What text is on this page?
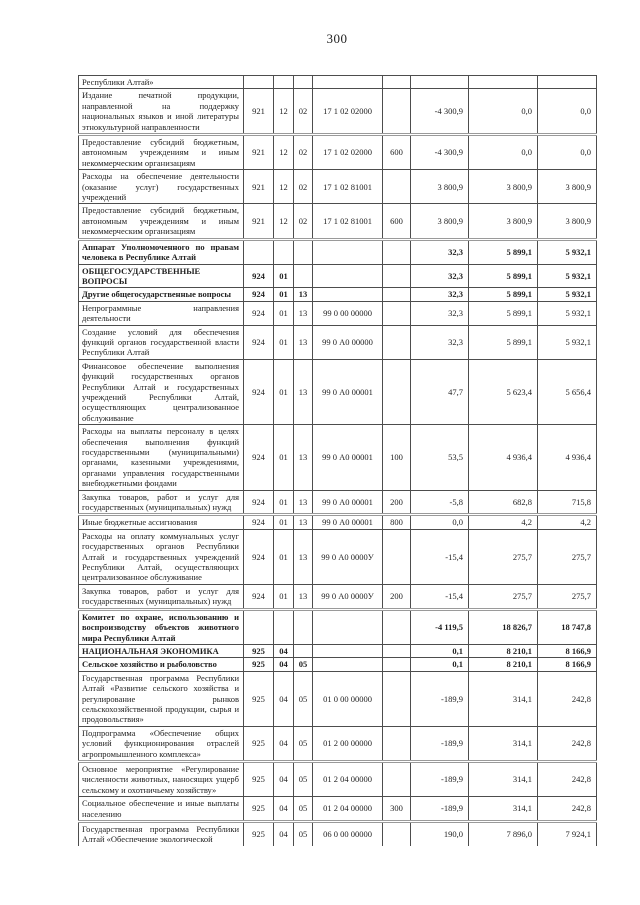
300
Республики Алтай»								
Издание печатной продукции, направленной на поддержку национальных языков и иной литературы этнокультурной направленности	921	12	02	17 1 02 02000		-4 300,9	0,0	0,0
Предоставление субсидий бюджетным, автономным учреждениям и иным некоммерческим организациям	921	12	02	17 1 02 02000	600	-4 300,9	0,0	0,0
Расходы на обеспечение деятельности (оказание услуг) государственных учреждений	921	12	02	17 1 02 81001		3 800,9	3 800,9	3 800,9
Предоставление субсидий бюджетным, автономным учреждениям и иным некоммерческим организациям	921	12	02	17 1 02 81001	600	3 800,9	3 800,9	3 800,9
Аппарат Уполномоченного по правам человека в Республике Алтай						32,3	5 899,1	5 932,1
ОБЩЕГОСУДАРСТВЕННЫЕ ВОПРОСЫ	924	01				32,3	5 899,1	5 932,1
Другие общегосударственные вопросы	924	01	13			32,3	5 899,1	5 932,1
Непрограммные направления деятельности	924	01	13	99 0 00 00000		32,3	5 899,1	5 932,1
Создание условий для обеспечения функций органов государственной власти Республики Алтай	924	01	13	99 0 А0 00000		32,3	5 899,1	5 932,1
Финансовое обеспечение выполнения функций государственных органов Республики Алтай и государственных учреждений Республики Алтай, осуществляющих централизованное обслуживание	924	01	13	99 0 А0 00001		47,7	5 623,4	5 656,4
Расходы на выплаты персоналу в целях обеспечения выполнения функций государственными (муниципальными) органами, казенными учреждениями, органами управления государственными внебюджетными фондами	924	01	13	99 0 А0 00001	100	53,5	4 936,4	4 936,4
Закупка товаров, работ и услуг для государственных (муниципальных) нужд	924	01	13	99 0 А0 00001	200	-5,8	682,8	715,8
Иные бюджетные ассигнования	924	01	13	99 0 А0 00001	800	0,0	4,2	4,2
Расходы на оплату коммунальных услуг государственных органов Республики Алтай и государственных учреждений Республики Алтай, осуществляющих централизованное обслуживание	924	01	13	99 0 А0 0000У		-15,4	275,7	275,7
Закупка товаров, работ и услуг для государственных (муниципальных) нужд	924	01	13	99 0 А0 0000У	200	-15,4	275,7	275,7
Комитет по охране, использованию и воспроизводству объектов животного мира Республики Алтай						-4 119,5	18 826,7	18 747,8
НАЦИОНАЛЬНАЯ ЭКОНОМИКА	925	04				0,1	8 210,1	8 166,9
Сельское хозяйство и рыболовство	925	04	05			0,1	8 210,1	8 166,9
Государственная программа Республики Алтай «Развитие сельского хозяйства и регулирование рынков сельскохозяйственной продукции, сырья и продовольствия»	925	04	05	01 0 00 00000		-189,9	314,1	242,8
Подпрограмма «Обеспечение общих условий функционирования отраслей агропромышленного комплекса»	925	04	05	01 2 00 00000		-189,9	314,1	242,8
Основное мероприятие «Регулирование численности животных, наносящих ущерб сельскому и охотничьему хозяйству»	925	04	05	01 2 04 00000		-189,9	314,1	242,8
Социальное обеспечение и иные выплаты населению	925	04	05	01 2 04 00000	300	-189,9	314,1	242,8
Государственная программа Республики Алтай «Обеспечение экологической	925	04	05	06 0 00 00000		190,0	7 896,0	7 924,1
